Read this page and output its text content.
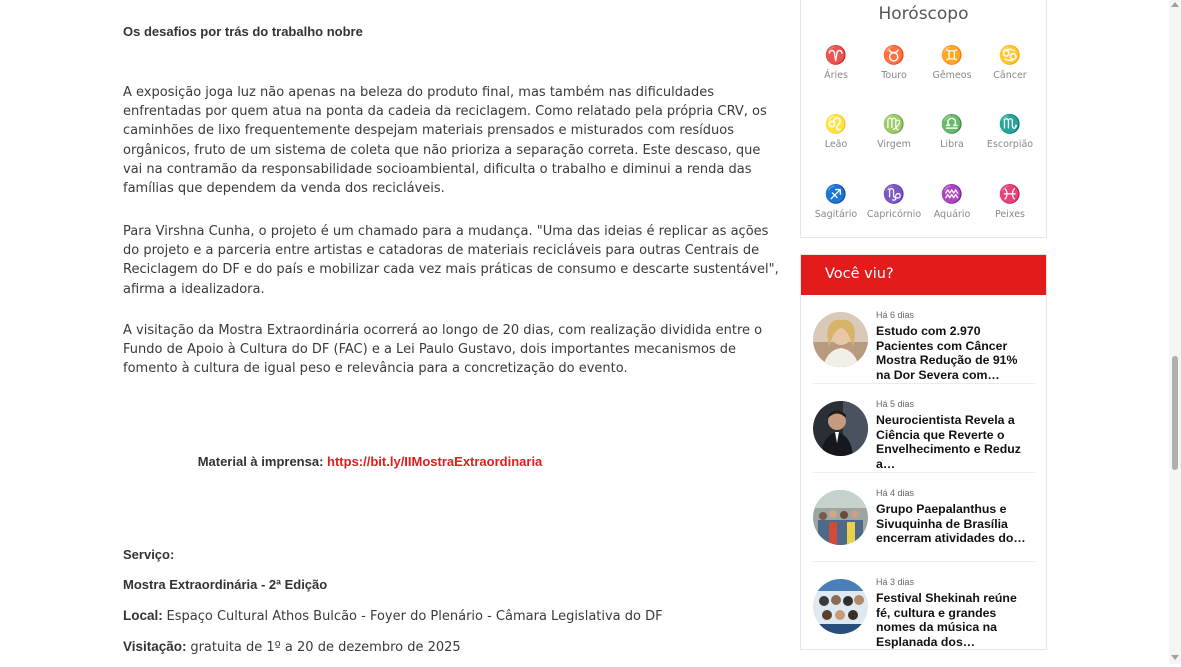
Os desafios por trás do trabalho nobre

A exposição joga luz não apenas na beleza do produto final, mas também nas dificuldades enfrentadas por quem atua na ponta da cadeia da reciclagem. Como relatado pela própria CRV, os caminhões de lixo frequentemente despejam materiais prensados e misturados com resíduos orgânicos, fruto de um sistema de coleta que não prioriza a separação correta. Este descaso, que vai na contramão da responsabilidade socioambiental, dificulta o trabalho e diminui a renda das famílias que dependem da venda dos recicláveis.

Para Virshna Cunha, o projeto é um chamado para a mudança. "Uma das ideias é replicar as ações do projeto e a parceria entre artistas e catadoras de materiais recicláveis para outras Centrais de Reciclagem do DF e do país e mobilizar cada vez mais práticas de consumo e descarte sustentável", afirma a idealizadora.

A visitação da Mostra Extraordinária ocorrerá ao longo de 20 dias, com realização dividida entre o Fundo de Apoio à Cultura do DF (FAC) e a Lei Paulo Gustavo, dois importantes mecanismos de fomento à cultura de igual peso e relevância para a concretização do evento.

Material à imprensa: https://bit.ly/IIMostraExtraordinaria

Serviço:

Mostra Extraordinária - 2ª Edição

Local: Espaço Cultural Athos Bulcão - Foyer do Plenário - Câmara Legislativa do DF

Visitação: gratuita de 1º a 20 de dezembro de 2025

Horóscopo
♈
Áries
♉
Touro
♊
Gêmeos
♋
Câncer
♌
Leão
♍
Virgem
♎
Libra
♏
Escorpião
♐
Sagitário
♑
Capricórnio
♒
Aquário
♓
Peixes
Você viu?
Há 6 dias
Estudo com 2.970 Pacientes com Câncer Mostra Redução de 91% na Dor Severa com…
Há 5 dias
Neurocientista Revela a Ciência que Reverte o Envelhecimento e Reduz a…
Há 4 dias
Grupo Paepalanthus e Sivuquinha de Brasília encerram atividades do…
Há 3 dias
Festival Shekinah reúne fé, cultura e grandes nomes da música na Esplanada dos…
